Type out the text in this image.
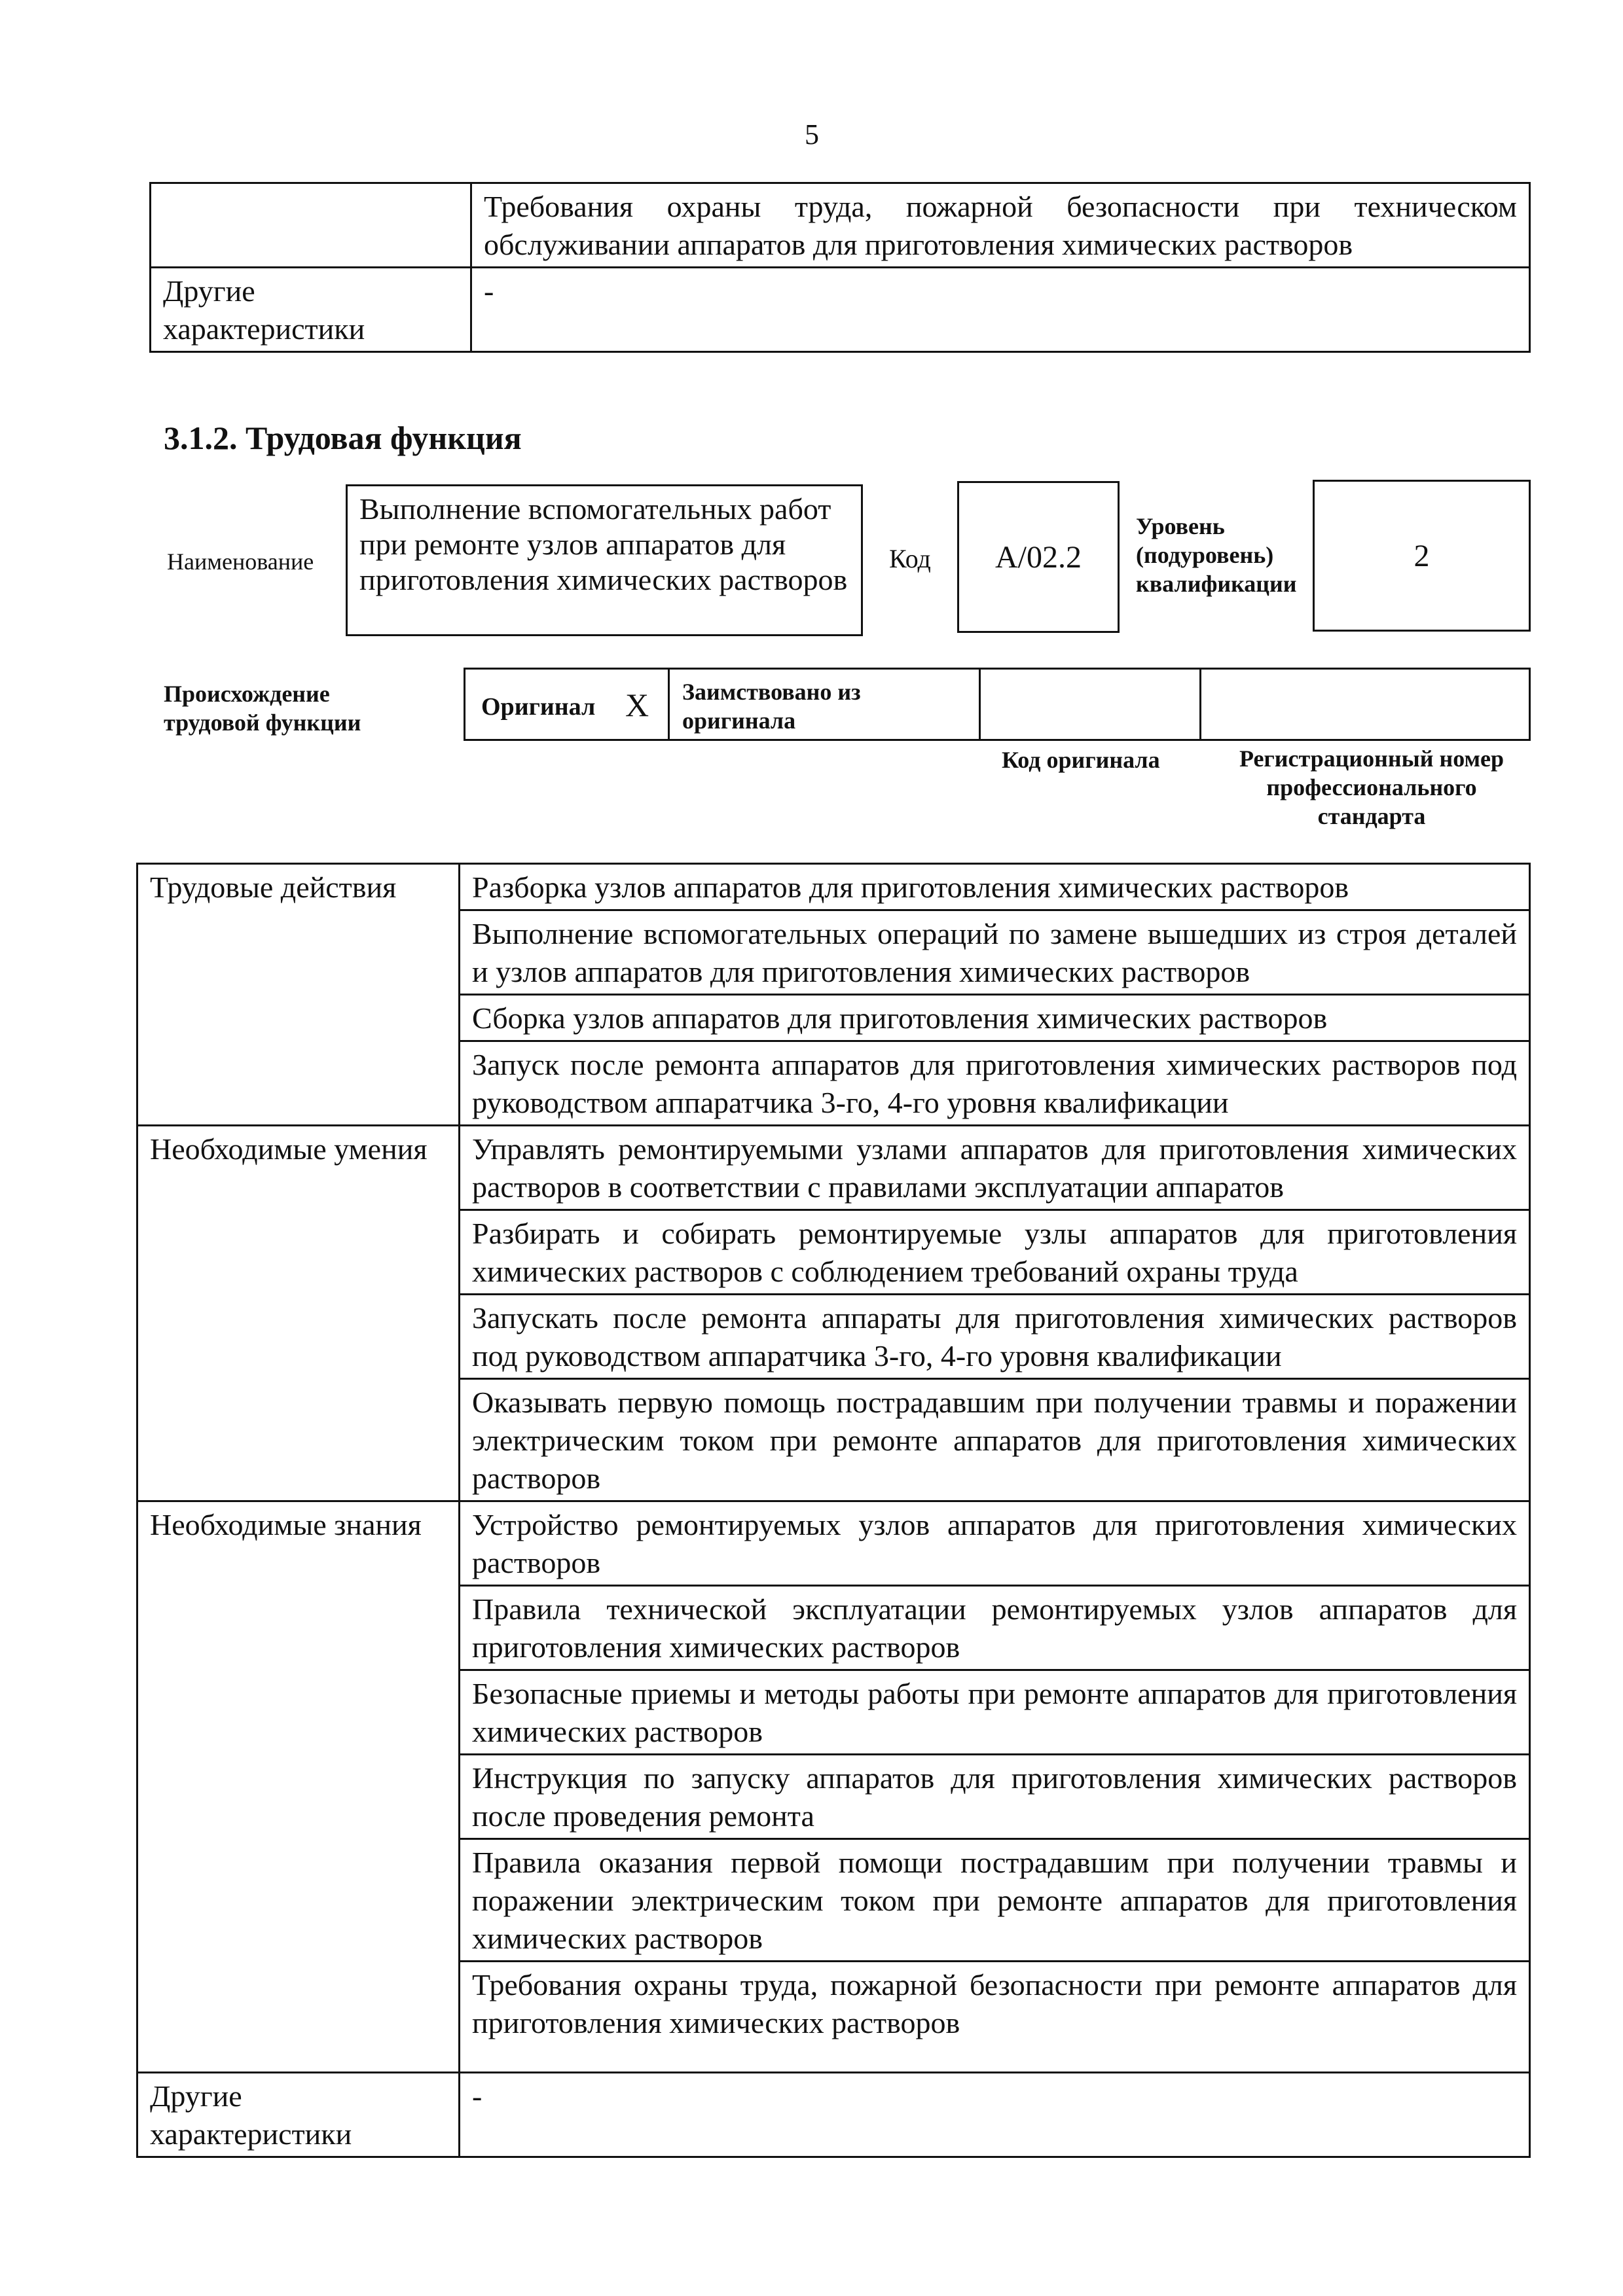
5
	Требования охраны труда, пожарной безопасности при техническом обслуживании аппаратов для приготовления химических растворов
Другие характеристики	-
3.1.2. Трудовая функция
Наименование
Выполнение вспомогательных работ при ремонте узлов аппаратов для приготовления химических растворов
Код А/02.2
Уровень (подуровень) квалификации
2
Происхождение трудовой функции
Оригинал X Заимствовано из оригинала
Код оригинала	Регистрационный номер профессионального стандарта
Трудовые действия	Разборка узлов аппаратов для приготовления химических растворов
	Выполнение вспомогательных операций по замене вышедших из строя деталей и узлов аппаратов для приготовления химических растворов
	Сборка узлов аппаратов для приготовления химических растворов
	Запуск после ремонта аппаратов для приготовления химических растворов под руководством аппаратчика 3-го, 4-го уровня квалификации
Необходимые умения	Управлять ремонтируемыми узлами аппаратов для приготовления химических растворов в соответствии с правилами эксплуатации аппаратов
	Разбирать и собирать ремонтируемые узлы аппаратов для приготовления химических растворов с соблюдением требований охраны труда
	Запускать после ремонта аппараты для приготовления химических растворов под руководством аппаратчика 3-го, 4-го уровня квалификации
	Оказывать первую помощь пострадавшим при получении травмы и поражении электрическим током при ремонте аппаратов для приготовления химических растворов
Необходимые знания	Устройство ремонтируемых узлов аппаратов для приготовления химических растворов
	Правила технической эксплуатации ремонтируемых узлов аппаратов для приготовления химических растворов
	Безопасные приемы и методы работы при ремонте аппаратов для приготовления химических растворов
	Инструкция по запуску аппаратов для приготовления химических растворов после проведения ремонта
	Правила оказания первой помощи пострадавшим при получении травмы и поражении электрическим током при ремонте аппаратов для приготовления химических растворов
	Требования охраны труда, пожарной безопасности при ремонте аппаратов для приготовления химических растворов
Другие характеристики	-
